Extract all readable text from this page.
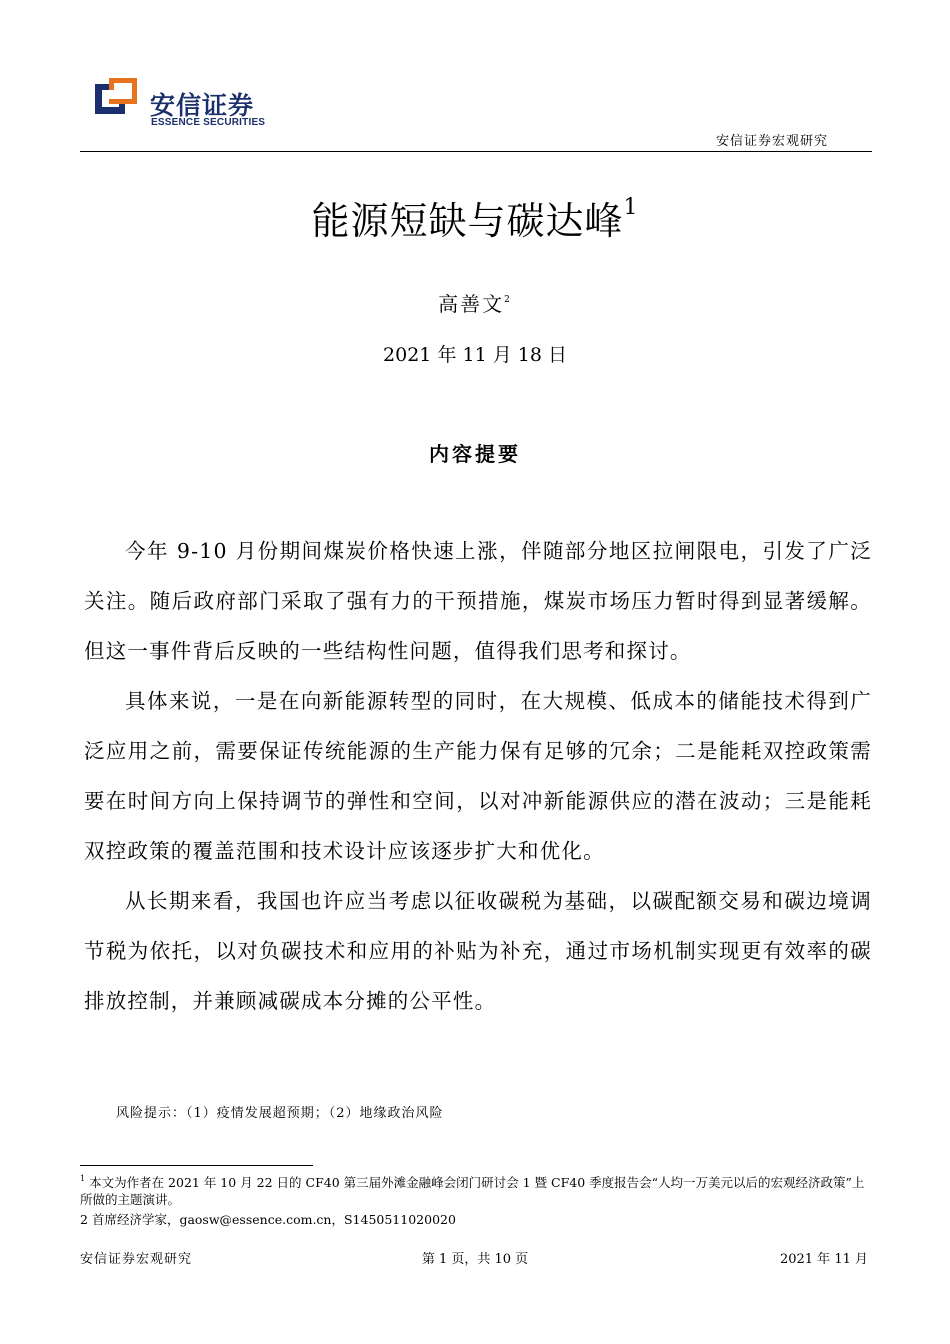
安信证券
ESSENCE SECURITIES
安信证券宏观研究
能源短缺与碳达峰$^1$
高善文$^2$
2021 年 11 月 18 日
内容提要

今年 9-10 月份期间煤炭价格快速上涨，伴随部分地区拉闸限电，引发了广泛关注。随后政府部门采取了强有力的干预措施，煤炭市场压力暂时得到显著缓解。但这一事件背后反映的一些结构性问题，值得我们思考和探讨。

具体来说，一是在向新能源转型的同时，在大规模、低成本的储能技术得到广泛应用之前，需要保证传统能源的生产能力保有足够的冗余；二是能耗双控政策需要在时间方向上保持调节的弹性和空间，以对冲新能源供应的潜在波动；三是能耗双控政策的覆盖范围和技术设计应该逐步扩大和优化。

从长期来看，我国也许应当考虑以征收碳税为基础，以碳配额交易和碳边境调节税为依托，以对负碳技术和应用的补贴为补充，通过市场机制实现更有效率的碳排放控制，并兼顾减碳成本分摊的公平性。

风险提示：（1）疫情发展超预期；（2）地缘政治风险
$^1$ 本文为作者在 2021 年 10 月 22 日的 CF40 第三届外滩金融峰会闭门研讨会 1 暨 CF40 季度报告会“人均一万美元以后的宏观经济政策”上所做的主题演讲。
2 首席经济学家，gaosw@essence.com.cn，S1450511020020
安信证券宏观研究	第 1 页，共 10 页	2021 年 11 月
